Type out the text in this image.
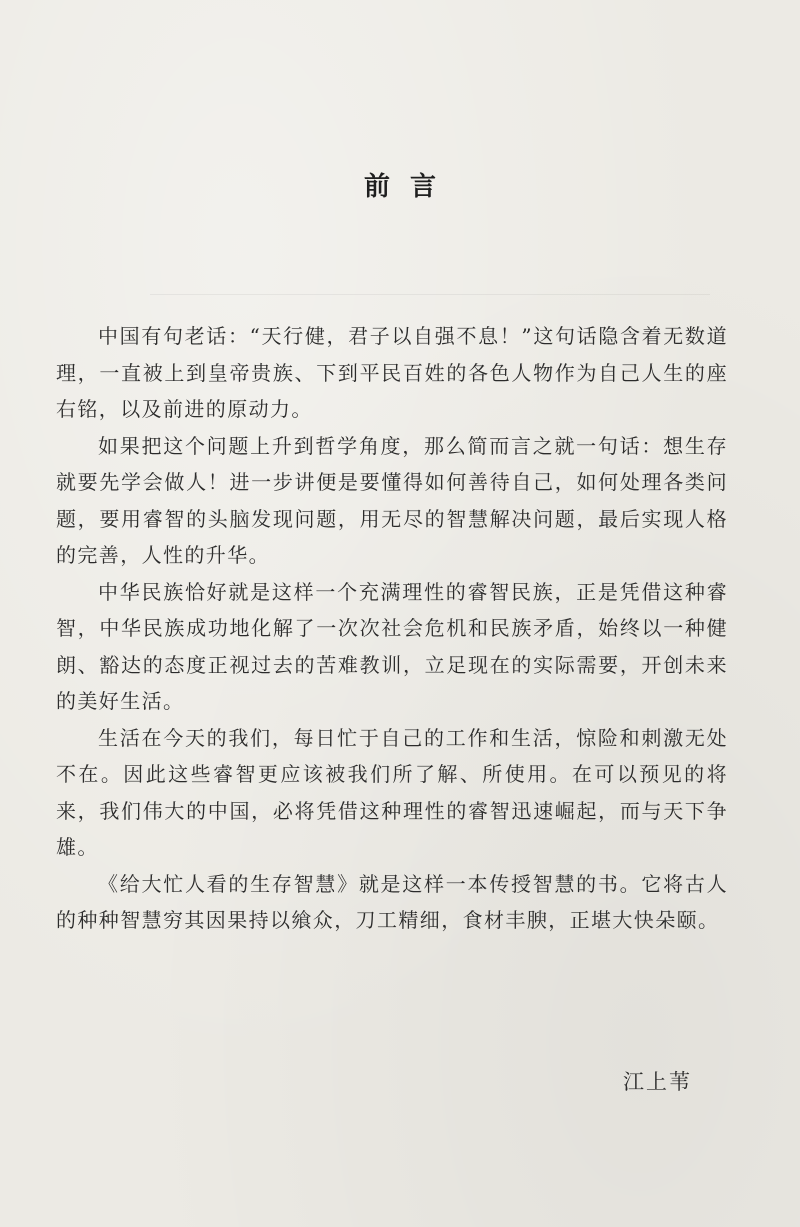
前言

中国有句老话：“天行健，君子以自强不息！”这句话隐含着无数道理，一直被上到皇帝贵族、下到平民百姓的各色人物作为自己人生的座右铭，以及前进的原动力。

如果把这个问题上升到哲学角度，那么简而言之就一句话：想生存就要先学会做人！进一步讲便是要懂得如何善待自己，如何处理各类问题，要用睿智的头脑发现问题，用无尽的智慧解决问题，最后实现人格的完善，人性的升华。

中华民族恰好就是这样一个充满理性的睿智民族，正是凭借这种睿智，中华民族成功地化解了一次次社会危机和民族矛盾，始终以一种健朗、豁达的态度正视过去的苦难教训，立足现在的实际需要，开创未来的美好生活。

生活在今天的我们，每日忙于自己的工作和生活，惊险和刺激无处不在。因此这些睿智更应该被我们所了解、所使用。在可以预见的将来，我们伟大的中国，必将凭借这种理性的睿智迅速崛起，而与天下争雄。

《给大忙人看的生存智慧》就是这样一本传授智慧的书。它将古人的种种智慧穷其因果持以飨众，刀工精细，食材丰腴，正堪大快朵颐。

江上苇
